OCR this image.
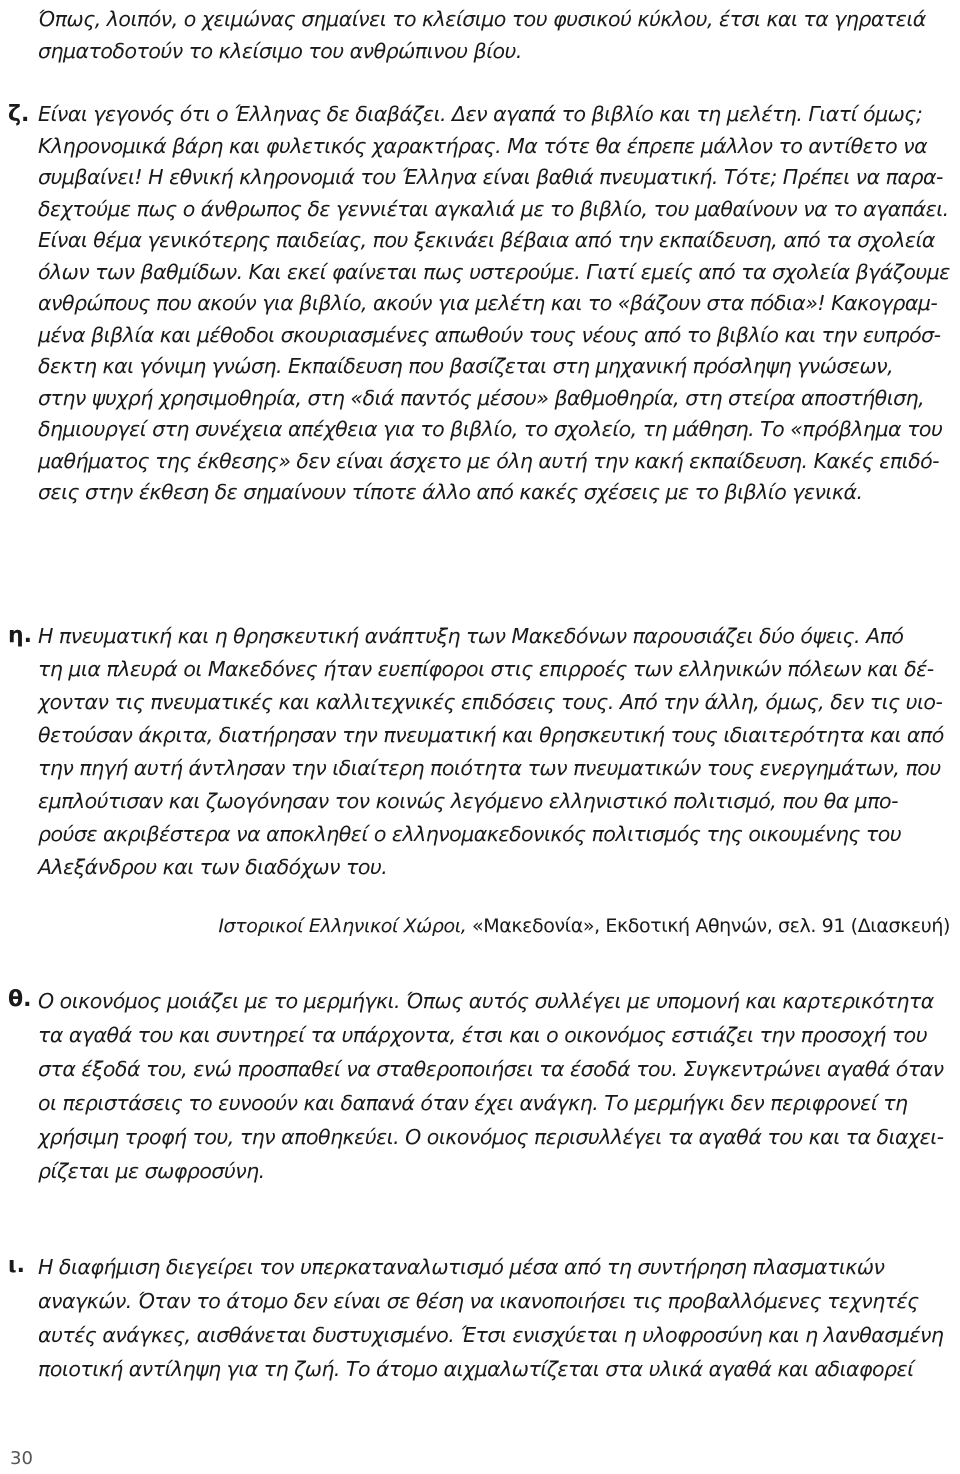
Όπως, λοιπόν, ο χειμώνας σημαίνει το κλείσιμο του φυσικού κύκλου, έτσι και τα γηρατειά
σηματοδοτούν το κλείσιμο του ανθρώπινου βίου.
ζ. Είναι γεγονός ότι ο Έλληνας δε διαβάζει. Δεν αγαπά το βιβλίο και τη μελέτη. Γιατί όμως;
Κληρονομικά βάρη και φυλετικός χαρακτήρας. Μα τότε θα έπρεπε μάλλον το αντίθετο να
συμβαίνει! Η εθνική κληρονομιά του Έλληνα είναι βαθιά πνευματική. Τότε; Πρέπει να παρα-
δεχτούμε πως ο άνθρωπος δε γεννιέται αγκαλιά με το βιβλίο, του μαθαίνουν να το αγαπάει.
Είναι θέμα γενικότερης παιδείας, που ξεκινάει βέβαια από την εκπαίδευση, από τα σχολεία
όλων των βαθμίδων. Και εκεί φαίνεται πως υστερούμε. Γιατί εμείς από τα σχολεία βγάζουμε
ανθρώπους που ακούν για βιβλίο, ακούν για μελέτη και το «βάζουν στα πόδια»! Κακογραμ-
μένα βιβλία και μέθοδοι σκουριασμένες απωθούν τους νέους από το βιβλίο και την ευπρόσ-
δεκτη και γόνιμη γνώση. Εκπαίδευση που βασίζεται στη μηχανική πρόσληψη γνώσεων,
στην ψυχρή χρησιμοθηρία, στη «διά παντός μέσου» βαθμοθηρία, στη στείρα αποστήθιση,
δημιουργεί στη συνέχεια απέχθεια για το βιβλίο, το σχολείο, τη μάθηση. Το «πρόβλημα του
μαθήματος της έκθεσης» δεν είναι άσχετο με όλη αυτή την κακή εκπαίδευση. Κακές επιδό-
σεις στην έκθεση δε σημαίνουν τίποτε άλλο από κακές σχέσεις με το βιβλίο γενικά.
η. Η πνευματική και η θρησκευτική ανάπτυξη των Μακεδόνων παρουσιάζει δύο όψεις. Από
τη μια πλευρά οι Μακεδόνες ήταν ευεπίφοροι στις επιρροές των ελληνικών πόλεων και δέ-
χονταν τις πνευματικές και καλλιτεχνικές επιδόσεις τους. Από την άλλη, όμως, δεν τις υιο-
θετούσαν άκριτα, διατήρησαν την πνευματική και θρησκευτική τους ιδιαιτερότητα και από
την πηγή αυτή άντλησαν την ιδιαίτερη ποιότητα των πνευματικών τους ενεργημάτων, που
εμπλούτισαν και ζωογόνησαν τον κοινώς λεγόμενο ελληνιστικό πολιτισμό, που θα μπο-
ρούσε ακριβέστερα να αποκληθεί ο ελληνομακεδονικός πολιτισμός της οικουμένης του
Αλεξάνδρου και των διαδόχων του.
Ιστορικοί Ελληνικοί Χώροι, «Μακεδονία», Εκδοτική Αθηνών, σελ. 91 (Διασκευή)
θ. Ο οικονόμος μοιάζει με το μερμήγκι. Όπως αυτός συλλέγει με υπομονή και καρτερικότητα
τα αγαθά του και συντηρεί τα υπάρχοντα, έτσι και ο οικονόμος εστιάζει την προσοχή του
στα έξοδά του, ενώ προσπαθεί να σταθεροποιήσει τα έσοδά του. Συγκεντρώνει αγαθά όταν
οι περιστάσεις το ευνοούν και δαπανά όταν έχει ανάγκη. Το μερμήγκι δεν περιφρονεί τη
χρήσιμη τροφή του, την αποθηκεύει. Ο οικονόμος περισυλλέγει τα αγαθά του και τα διαχει-
ρίζεται με σωφροσύνη.
ι. Η διαφήμιση διεγείρει τον υπερκαταναλωτισμό μέσα από τη συντήρηση πλασματικών
αναγκών. Όταν το άτομο δεν είναι σε θέση να ικανοποιήσει τις προβαλλόμενες τεχνητές
αυτές ανάγκες, αισθάνεται δυστυχισμένο. Έτσι ενισχύεται η υλοφροσύνη και η λανθασμένη
ποιοτική αντίληψη για τη ζωή. Το άτομο αιχμαλωτίζεται στα υλικά αγαθά και αδιαφορεί
30
